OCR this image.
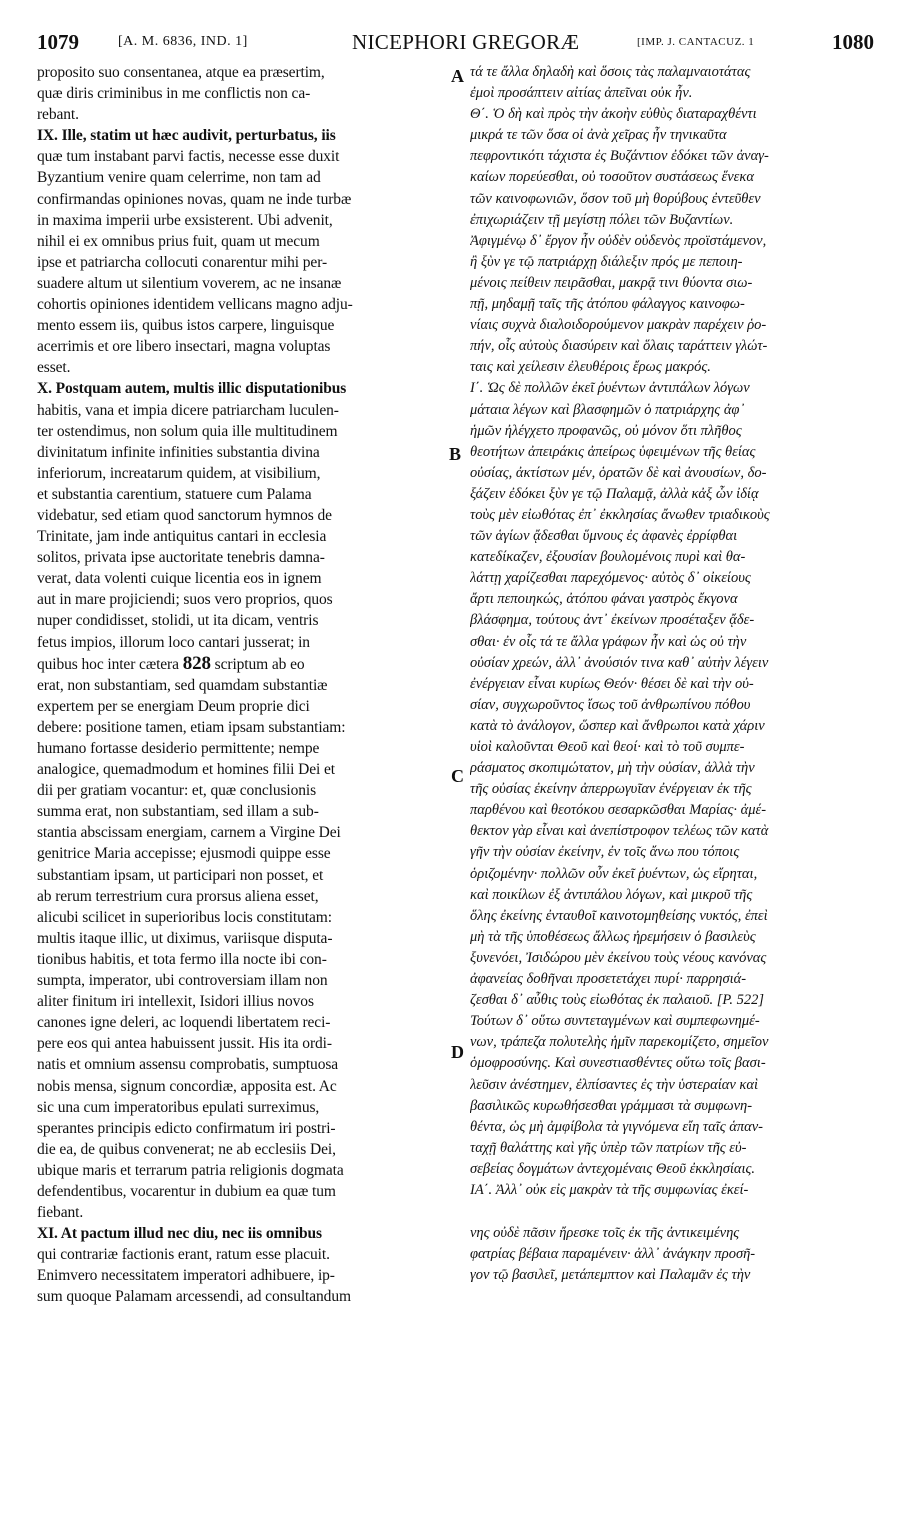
1079	[A. M. 6836, IND. 1]	NICEPHORI GREGORÆ	[IMP. J. CANTACUZ. 1	1080
A
B
C
D
proposito suo consentanea, atque ea præsertim,
quæ diris criminibus in me conflictis non ca-
rebant.
IX. Ille, statim ut hæc audivit, perturbatus, iis
quæ tum instabant parvi factis, necesse esse duxit
Byzantium venire quam celerrime, non tam ad
confirmandas opiniones novas, quam ne inde turbæ
in maxima imperii urbe exsisterent. Ubi advenit,
nihil ei ex omnibus prius fuit, quam ut mecum
ipse et patriarcha collocuti conarentur mihi per-
suadere altum ut silentium voverem, ac ne insanæ
cohortis opiniones identidem vellicans magno adju-
mento essem iis, quibus istos carpere, linguisque
acerrimis et ore libero insectari, magna voluptas
esset.
X. Postquam autem, multis illic disputationibus
habitis, vana et impia dicere patriarcham luculen-
ter ostendimus, non solum quia ille multitudinem
divinitatum infinite infinities substantia divina
inferiorum, increatarum quidem, at visibilium,
et substantia carentium, statuere cum Palama
videbatur, sed etiam quod sanctorum hymnos de
Trinitate, jam inde antiquitus cantari in ecclesia
solitos, privata ipse auctoritate tenebris damna-
verat, data volenti cuique licentia eos in ignem
aut in mare projiciendi; suos vero proprios, quos
nuper condidisset, stolidi, ut ita dicam, ventris
fetus impios, illorum loco cantari jusserat; in
quibus hoc inter cætera 828 scriptum ab eo
erat, non substantiam, sed quamdam substantiæ
expertem per se energiam Deum proprie dici
debere: positione tamen, etiam ipsam substantiam:
humano fortasse desiderio permittente; nempe
analogice, quemadmodum et homines filii Dei et
dii per gratiam vocantur: et, quæ conclusionis
summa erat, non substantiam, sed illam a sub-
stantia abscissam energiam, carnem a Virgine Dei
genitrice Maria accepisse; ejusmodi quippe esse
substantiam ipsam, ut participari non posset, et
ab rerum terrestrium cura prorsus aliena esset,
alicubi scilicet in superioribus locis constitutam:
multis itaque illic, ut diximus, variisque disputa-
tionibus habitis, et tota fermo illa nocte ibi con-
sumpta, imperator, ubi controversiam illam non
aliter finitum iri intellexit, Isidori illius novos
canones igne deleri, ac loquendi libertatem reci-
pere eos qui antea habuissent jussit. His ita ordi-
natis et omnium assensu comprobatis, sumptuosa
nobis mensa, signum concordiæ, apposita est. Ac
sic una cum imperatoribus epulati surreximus,
sperantes principis edicto confirmatum iri postri-
die ea, de quibus convenerat; ne ab ecclesiis Dei,
ubique maris et terrarum patria religionis dogmata
defendentibus, vocarentur in dubium ea quæ tum
fiebant.
XI. At pactum illud nec diu, nec iis omnibus
qui contrariæ factionis erant, ratum esse placuit.
Enimvero necessitatem imperatori adhibuere, ip-
sum quoque Palamam arcessendi, ad consultandum
τά τε ἄλλα δηλαδὴ καὶ ὅσοις τὰς παλαμναιοτάτας
ἐμοὶ προσάπτειν αἰτίας ἀπεῖναι οὐκ ἦν.
Θ΄. Ὁ δὴ καὶ πρὸς τὴν ἀκοὴν εὐθὺς διαταραχθέντι
μικρά τε τῶν ὅσα οἱ ἀνὰ χεῖρας ἦν τηνικαῦτα
πεφροντικότι τάχιστα ἐς Βυζάντιον ἐδόκει τῶν ἀναγ-
καίων πορεύεσθαι, οὐ τοσοῦτον συστάσεως ἕνεκα
τῶν καινοφωνιῶν, ὅσον τοῦ μὴ θορύβους ἐντεῦθεν
ἐπιχωριάζειν τῇ μεγίστῃ πόλει τῶν Βυζαντίων.
Ἀφιγμένῳ δ᾽ ἔργον ἦν οὐδὲν οὐδενὸς προϊστάμενον,
ἢ ξὺν γε τῷ πατριάρχῃ διάλεξιν πρός με πεποιη-
μένοις πείθειν πειρᾶσθαι, μακρᾷ τινι θύοντα σιω-
πῇ, μηδαμῇ ταῖς τῆς ἀτόπου φάλαγγος καινοφω-
νίαις συχνὰ διαλοιδορούμενον μακρὰν παρέχειν ῥο-
πήν, οἷς αὐτοὺς διασύρειν καὶ ὅλαις ταράττειν γλώτ-
ταις καὶ χείλεσιν ἐλευθέροις ἔρως μακρός.
Ι΄. Ὡς δὲ πολλῶν ἐκεῖ ῥυέντων ἀντιπάλων λόγων
μάταια λέγων καὶ βλασφημῶν ὁ πατριάρχης ἀφ᾽
ἡμῶν ἠλέγχετο προφανῶς, οὐ μόνον ὅτι πλῆθος
θεοτήτων ἀπειράκις ἀπείρως ὑφειμένων τῆς θείας
οὐσίας, ἀκτίστων μέν, ὁρατῶν δὲ καὶ ἀνουσίων, δο-
ξάζειν ἐδόκει ξὺν γε τῷ Παλαμᾷ, ἀλλὰ κἀξ ὧν ἰδίᾳ
τοὺς μὲν εἰωθότας ἐπ᾽ ἐκκλησίας ἄνωθεν τριαδικοὺς
τῶν ἁγίων ᾄδεσθαι ὕμνους ἐς ἀφανὲς ἐρρίφθαι
κατεδίκαζεν, ἐξουσίαν βουλομένοις πυρὶ καὶ θα-
λάττῃ χαρίζεσθαι παρεχόμενος· αὐτὸς δ᾽ οἰκείους
ἄρτι πεποιηκώς, ἀτόπου φάναι γαστρὸς ἔκγονα
βλάσφημα, τούτους ἀντ᾽ ἐκείνων προσέταξεν ᾄδε-
σθαι· ἐν οἷς τά τε ἄλλα γράφων ἦν καὶ ὡς οὐ τὴν
οὐσίαν χρεών, ἀλλ᾽ ἀνούσιόν τινα καθ᾽ αὑτὴν λέγειν
ἐνέργειαν εἶναι κυρίως Θεόν· θέσει δὲ καὶ τὴν οὐ-
σίαν, συγχωροῦντος ἴσως τοῦ ἀνθρωπίνου πόθου
κατὰ τὸ ἀνάλογον, ὥσπερ καὶ ἄνθρωποι κατὰ χάριν
υἱοὶ καλοῦνται Θεοῦ καὶ θεοί· καὶ τὸ τοῦ συμπε-
ράσματος σκοπιμώτατον, μὴ τὴν οὐσίαν, ἀλλὰ τὴν
τῆς οὐσίας ἐκείνην ἀπερρωγυῖαν ἐνέργειαν ἐκ τῆς
παρθένου καὶ θεοτόκου σεσαρκῶσθαι Μαρίας· ἀμέ-
θεκτον γὰρ εἶναι καὶ ἀνεπίστροφον τελέως τῶν κατὰ
γῆν τὴν οὐσίαν ἐκείνην, ἐν τοῖς ἄνω που τόποις
ὁριζομένην· πολλῶν οὖν ἐκεῖ ῥυέντων, ὡς εἴρηται,
καὶ ποικίλων ἐξ ἀντιπάλου λόγων, καὶ μικροῦ τῆς
ὅλης ἐκείνης ἐνταυθοῖ καινοτομηθείσης νυκτός, ἐπεὶ
μὴ τὰ τῆς ὑποθέσεως ἄλλως ἠρεμήσειν ὁ βασιλεὺς
ξυνενόει, Ἰσιδώρου μὲν ἐκείνου τοὺς νέους κανόνας
ἀφανείας δοθῆναι προσετετάχει πυρί· παρρησιά-
ζεσθαι δ᾽ αὖθις τοὺς εἰωθότας ἐκ παλαιοῦ. [P. 522]
Τούτων δ᾽ οὕτω συντεταγμένων καὶ συμπεφωνημέ-
νων, τράπεζα πολυτελὴς ἡμῖν παρεκομίζετο, σημεῖον
ὁμοφροσύνης. Καὶ συνεστιασθέντες οὕτω τοῖς βασι-
λεῦσιν ἀνέστημεν, ἐλπίσαντες ἐς τὴν ὑστεραίαν καὶ
βασιλικῶς κυρωθήσεσθαι γράμμασι τὰ συμφωνη-
θέντα, ὡς μὴ ἀμφίβολα τὰ γιγνόμενα εἴη ταῖς ἁπαν-
ταχῇ θαλάττης καὶ γῆς ὑπὲρ τῶν πατρίων τῆς εὐ-
σεβείας δογμάτων ἀντεχομέναις Θεοῦ ἐκκλησίαις.
ΙΑ΄. Ἀλλ᾽ οὐκ εἰς μακρὰν τὰ τῆς συμφωνίας ἐκεί-
νης οὐδὲ πᾶσιν ἤρεσκε τοῖς ἐκ τῆς ἀντικειμένης
φατρίας βέβαια παραμένειν· ἀλλ᾽ ἀνάγκην προσῆ-
γον τῷ βασιλεῖ, μετάπεμπτον καὶ Παλαμᾶν ἐς τὴν
